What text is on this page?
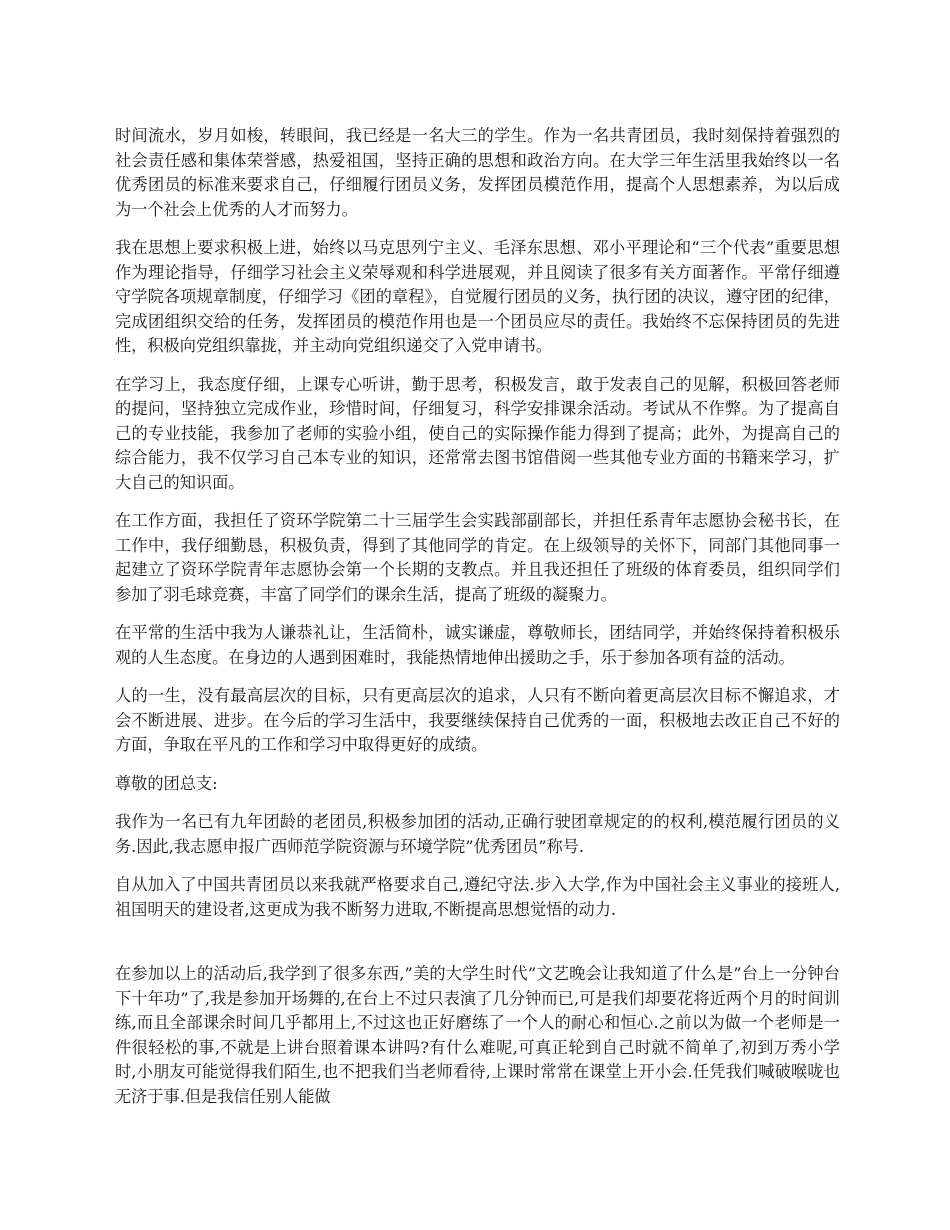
时间流水，岁月如梭，转眼间，我已经是一名大三的学生。作为一名共青团员，我时刻保持着强烈的社会责任感和集体荣誉感，热爱祖国，坚持正确的思想和政治方向。在大学三年生活里我始终以一名优秀团员的标准来要求自己，仔细履行团员义务，发挥团员模范作用，提高个人思想素养，为以后成为一个社会上优秀的人才而努力。

我在思想上要求积极上进，始终以马克思列宁主义、毛泽东思想、邓小平理论和“三个代表”重要思想作为理论指导，仔细学习社会主义荣辱观和科学进展观，并且阅读了很多有关方面著作。平常仔细遵守学院各项规章制度，仔细学习《团的章程》，自觉履行团员的义务，执行团的决议，遵守团的纪律，完成团组织交给的任务，发挥团员的模范作用也是一个团员应尽的责任。我始终不忘保持团员的先进性，积极向党组织靠拢，并主动向党组织递交了入党申请书。

在学习上，我态度仔细，上课专心听讲，勤于思考，积极发言，敢于发表自己的见解，积极回答老师的提问，坚持独立完成作业，珍惜时间，仔细复习，科学安排课余活动。考试从不作弊。为了提高自己的专业技能，我参加了老师的实验小组，使自己的实际操作能力得到了提高；此外，为提高自己的综合能力，我不仅学习自己本专业的知识，还常常去图书馆借阅一些其他专业方面的书籍来学习，扩大自己的知识面。

在工作方面，我担任了资环学院第二十三届学生会实践部副部长，并担任系青年志愿协会秘书长，在工作中，我仔细勤恳，积极负责，得到了其他同学的肯定。在上级领导的关怀下，同部门其他同事一起建立了资环学院青年志愿协会第一个长期的支教点。并且我还担任了班级的体育委员，组织同学们参加了羽毛球竞赛，丰富了同学们的课余生活，提高了班级的凝聚力。

在平常的生活中我为人谦恭礼让，生活简朴，诚实谦虚，尊敬师长，团结同学，并始终保持着积极乐观的人生态度。在身边的人遇到困难时，我能热情地伸出援助之手，乐于参加各项有益的活动。

人的一生，没有最高层次的目标，只有更高层次的追求，人只有不断向着更高层次目标不懈追求，才会不断进展、进步。在今后的学习生活中，我要继续保持自己优秀的一面，积极地去改正自己不好的方面，争取在平凡的工作和学习中取得更好的成绩。

尊敬的团总支:

我作为一名已有九年团龄的老团员,积极参加团的活动,正确行驶团章规定的的权利,模范履行团员的义务.因此,我志愿申报广西师范学院资源与环境学院”优秀团员”称号.

自从加入了中国共青团员以来我就严格要求自己,遵纪守法.步入大学,作为中国社会主义事业的接班人,祖国明天的建设者,这更成为我不断努力进取,不断提高思想觉悟的动力.

在参加以上的活动后,我学到了很多东西,”美的大学生时代”文艺晚会让我知道了什么是”台上一分钟台下十年功”了,我是参加开场舞的,在台上不过只表演了几分钟而已,可是我们却要花将近两个月的时间训练,而且全部课余时间几乎都用上,不过这也正好磨练了一个人的耐心和恒心.之前以为做一个老师是一件很轻松的事,不就是上讲台照着课本讲吗?有什么难呢,可真正轮到自己时就不简单了,初到万秀小学时,小朋友可能觉得我们陌生,也不把我们当老师看待,上课时常常在课堂上开小会.任凭我们喊破喉咙也无济于事.但是我信任别人能做
